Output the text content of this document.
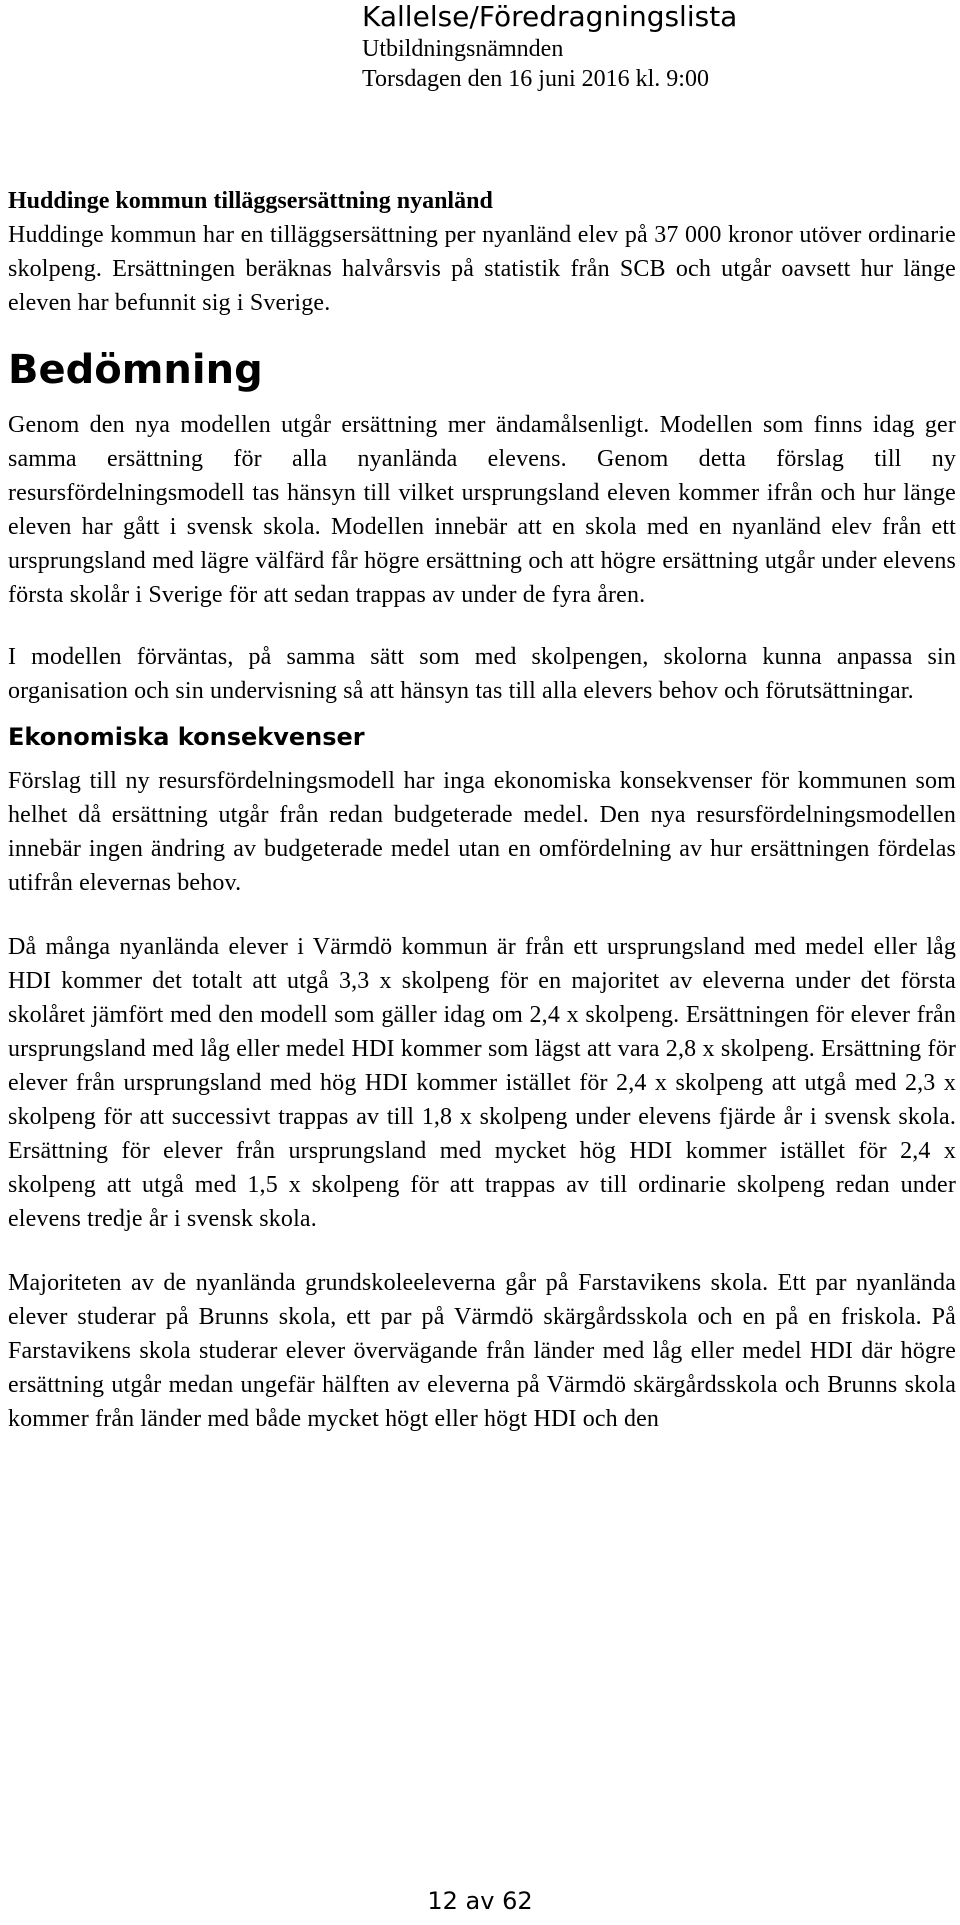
Kallelse/Föredragningslista

Utbildningsnämnden

Torsdagen den 16 juni 2016 kl. 9:00

Huddinge kommun tilläggsersättning nyanländ

Huddinge kommun har en tilläggsersättning per nyanländ elev på 37 000 kronor utöver ordinarie skolpeng. Ersättningen beräknas halvårsvis på statistik från SCB och utgår oavsett hur länge eleven har befunnit sig i Sverige.

Bedömning

Genom den nya modellen utgår ersättning mer ändamålsenligt. Modellen som finns idag ger samma ersättning för alla nyanlända elevens. Genom detta förslag till ny resursfördelningsmodell tas hänsyn till vilket ursprungsland eleven kommer ifrån och hur länge eleven har gått i svensk skola. Modellen innebär att en skola med en nyanländ elev från ett ursprungsland med lägre välfärd får högre ersättning och att högre ersättning utgår under elevens första skolår i Sverige för att sedan trappas av under de fyra åren.

I modellen förväntas, på samma sätt som med skolpengen, skolorna kunna anpassa sin organisation och sin undervisning så att hänsyn tas till alla elevers behov och förutsättningar.

Ekonomiska konsekvenser

Förslag till ny resursfördelningsmodell har inga ekonomiska konsekvenser för kommunen som helhet då ersättning utgår från redan budgeterade medel. Den nya resursfördelningsmodellen innebär ingen ändring av budgeterade medel utan en omfördelning av hur ersättningen fördelas utifrån elevernas behov.

Då många nyanlända elever i Värmdö kommun är från ett ursprungsland med medel eller låg HDI kommer det totalt att utgå 3,3 x skolpeng för en majoritet av eleverna under det första skolåret jämfört med den modell som gäller idag om 2,4 x skolpeng. Ersättningen för elever från ursprungsland med låg eller medel HDI kommer som lägst att vara 2,8 x skolpeng. Ersättning för elever från ursprungsland med hög HDI kommer istället för 2,4 x skolpeng att utgå med 2,3 x skolpeng för att successivt trappas av till 1,8 x skolpeng under elevens fjärde år i svensk skola. Ersättning för elever från ursprungsland med mycket hög HDI kommer istället för 2,4 x skolpeng att utgå med 1,5 x skolpeng för att trappas av till ordinarie skolpeng redan under elevens tredje år i svensk skola.

Majoriteten av de nyanlända grundskoleeleverna går på Farstavikens skola. Ett par nyanlända elever studerar på Brunns skola, ett par på Värmdö skärgårdsskola och en på en friskola. På Farstavikens skola studerar elever övervägande från länder med låg eller medel HDI där högre ersättning utgår medan ungefär hälften av eleverna på Värmdö skärgårdsskola och Brunns skola kommer från länder med både mycket högt eller högt HDI och den

12 av 62
